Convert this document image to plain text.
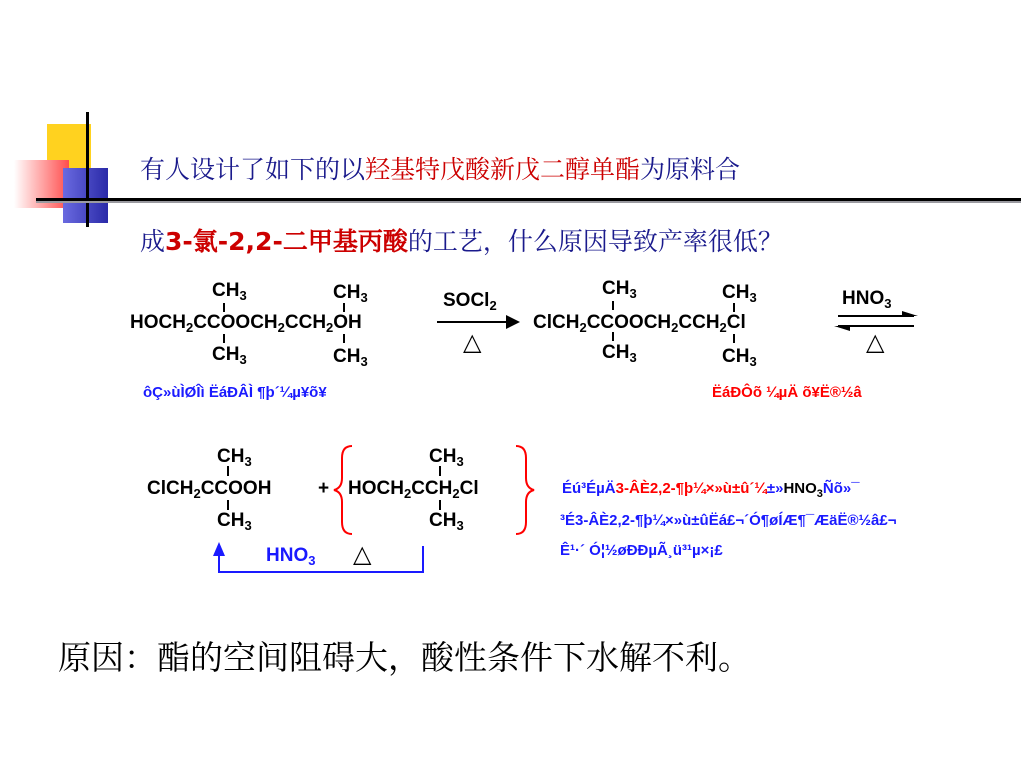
有人设计了如下的以羟基特戊酸新戊二醇单酯为原料合
成3-氯-2,2-二甲基丙酸的工艺，什么原因导致产率很低？
$CH_3$	$CH_3$
$HOCH_2CCOOCH_2CCH_2OH$
$CH_3$	$CH_3$
SOCl$_2$
△
$CH_3$	$CH_3$
$ClCH_2CCOOCH_2CCH_2Cl$
$CH_3$	$CH_3$
$HNO_3$
△
ôÇ»ùÌØÎì ËáÐÂÌ ¶þ´¼µ¥õ¥	ËáÐÔõ ¼µÄ õ¥Ë®½â
$CH_3$
ClCH$_2$CCOOH
$CH_3$
+
$CH_3$
$HOCH_2CCH_2Cl$
$CH_3$
$HNO_3$ △
$Éú^3É\mu Ä3-ÂÈ2,2-\P þ\frac{1}{4}\times»ù\pm û´\frac{1}{4}\pm»HNO_3Ñõ»¯$
³É3-ÂÈ2,2-¶þ¼×»ù±ûËá£¬´Ó¶øÍÆ¶¯ÆäË®½â£¬
Ê¹·´ Ó¦½øÐÐµÃ¸ü³¹µ×¡£
原因：酯的空间阻碍大，酸性条件下水解不利。
